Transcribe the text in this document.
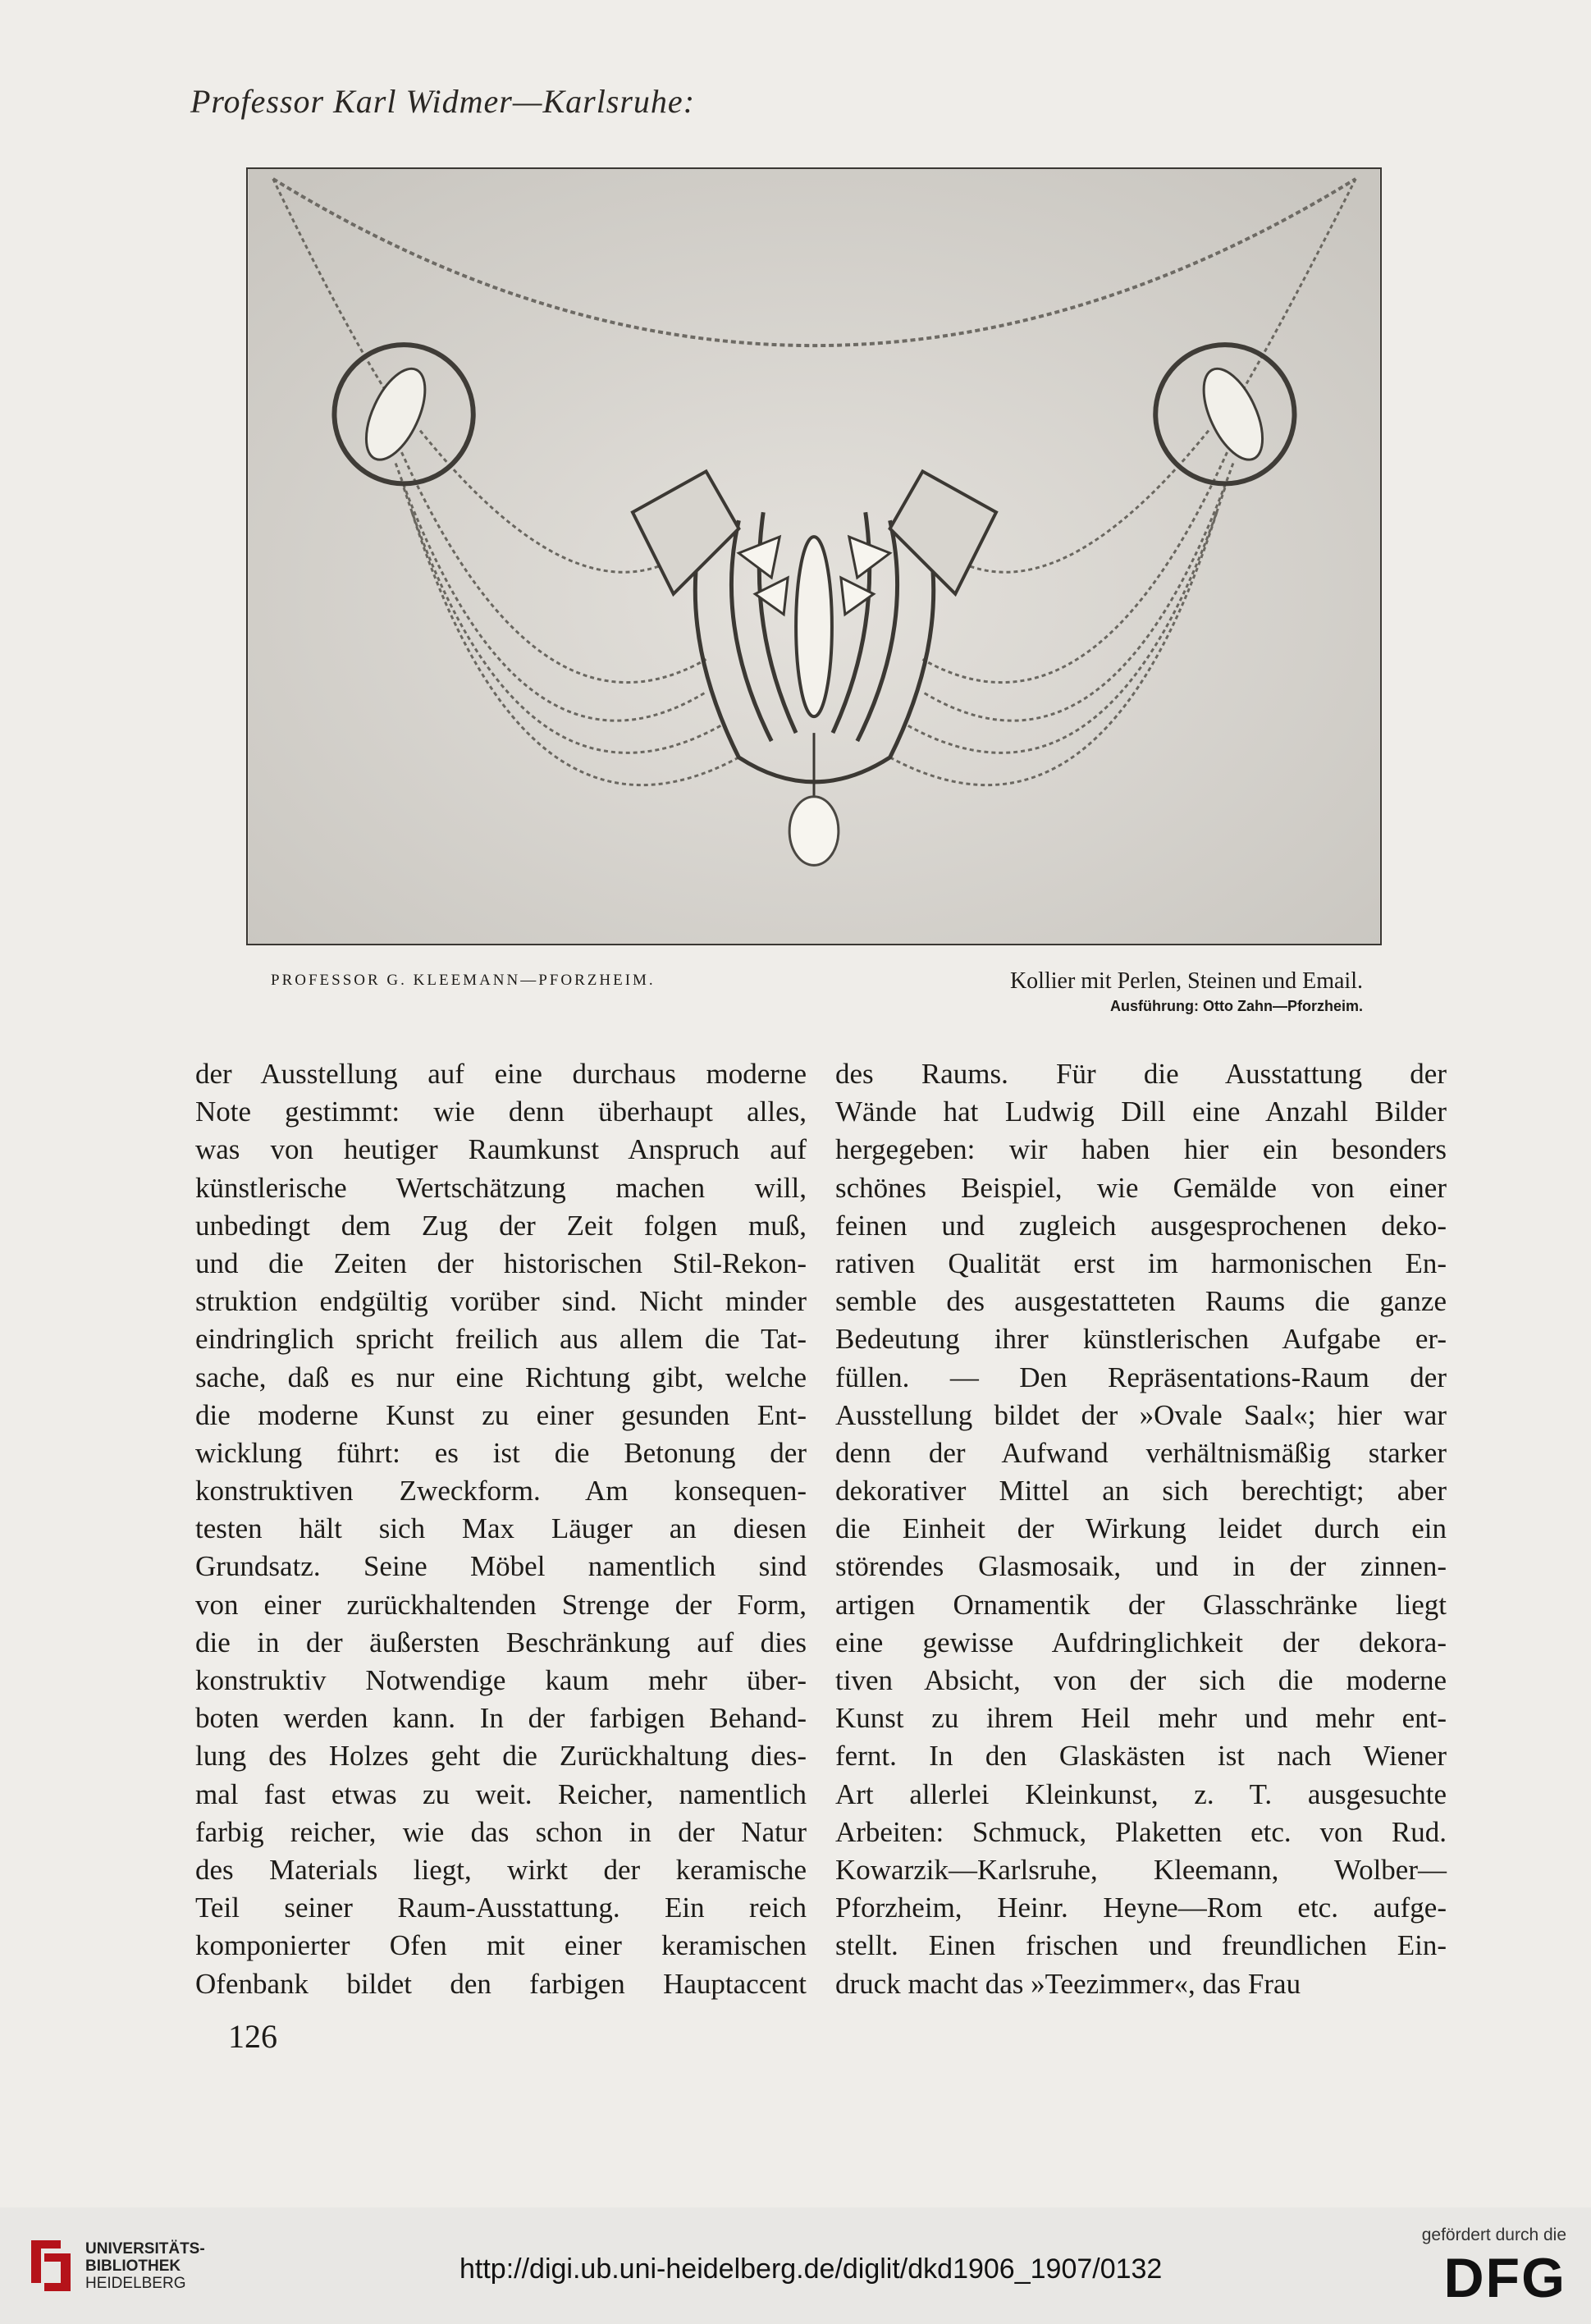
Professor Karl Widmer—Karlsruhe:
PROFESSOR G. KLEEMANN—PFORZHEIM.	Kollier mit Perlen, Steinen und Email.
Ausführung: Otto Zahn—Pforzheim.
der Ausstellung auf eine durchaus moderne
Note gestimmt: wie denn überhaupt alles,
was von heutiger Raumkunst Anspruch auf
künstlerische Wertschätzung machen will,
unbedingt dem Zug der Zeit folgen muß,
und die Zeiten der historischen Stil-Rekon-
struktion endgültig vorüber sind. Nicht minder
eindringlich spricht freilich aus allem die Tat-
sache, daß es nur eine Richtung gibt, welche
die moderne Kunst zu einer gesunden Ent-
wicklung führt: es ist die Betonung der
konstruktiven Zweckform. Am konsequen-
testen hält sich Max Läuger an diesen
Grundsatz. Seine Möbel namentlich sind
von einer zurückhaltenden Strenge der Form,
die in der äußersten Beschränkung auf dies
konstruktiv Notwendige kaum mehr über-
boten werden kann. In der farbigen Behand-
lung des Holzes geht die Zurückhaltung dies-
mal fast etwas zu weit. Reicher, namentlich
farbig reicher, wie das schon in der Natur
des Materials liegt, wirkt der keramische
Teil seiner Raum-Ausstattung. Ein reich
komponierter Ofen mit einer keramischen
Ofenbank bildet den farbigen Hauptaccent
des Raums. Für die Ausstattung der
Wände hat Ludwig Dill eine Anzahl Bilder
hergegeben: wir haben hier ein besonders
schönes Beispiel, wie Gemälde von einer
feinen und zugleich ausgesprochenen deko-
rativen Qualität erst im harmonischen En-
semble des ausgestatteten Raums die ganze
Bedeutung ihrer künstlerischen Aufgabe er-
füllen. — Den Repräsentations-Raum der
Ausstellung bildet der »Ovale Saal«; hier war
denn der Aufwand verhältnismäßig starker
dekorativer Mittel an sich berechtigt; aber
die Einheit der Wirkung leidet durch ein
störendes Glasmosaik, und in der zinnen-
artigen Ornamentik der Glasschränke liegt
eine gewisse Aufdringlichkeit der dekora-
tiven Absicht, von der sich die moderne
Kunst zu ihrem Heil mehr und mehr ent-
fernt. In den Glaskästen ist nach Wiener
Art allerlei Kleinkunst, z. T. ausgesuchte
Arbeiten: Schmuck, Plaketten etc. von Rud.
Kowarzik—Karlsruhe, Kleemann, Wolber—
Pforzheim, Heinr. Heyne—Rom etc. aufge-
stellt. Einen frischen und freundlichen Ein-
druck macht das »Teezimmer«, das Frau
126
UNIVERSITÄTS-
BIBLIOTHEK
HEIDELBERG	http://digi.ub.uni-heidelberg.de/diglit/dkd1906_1907/0132
gefördert durch die
DFG
